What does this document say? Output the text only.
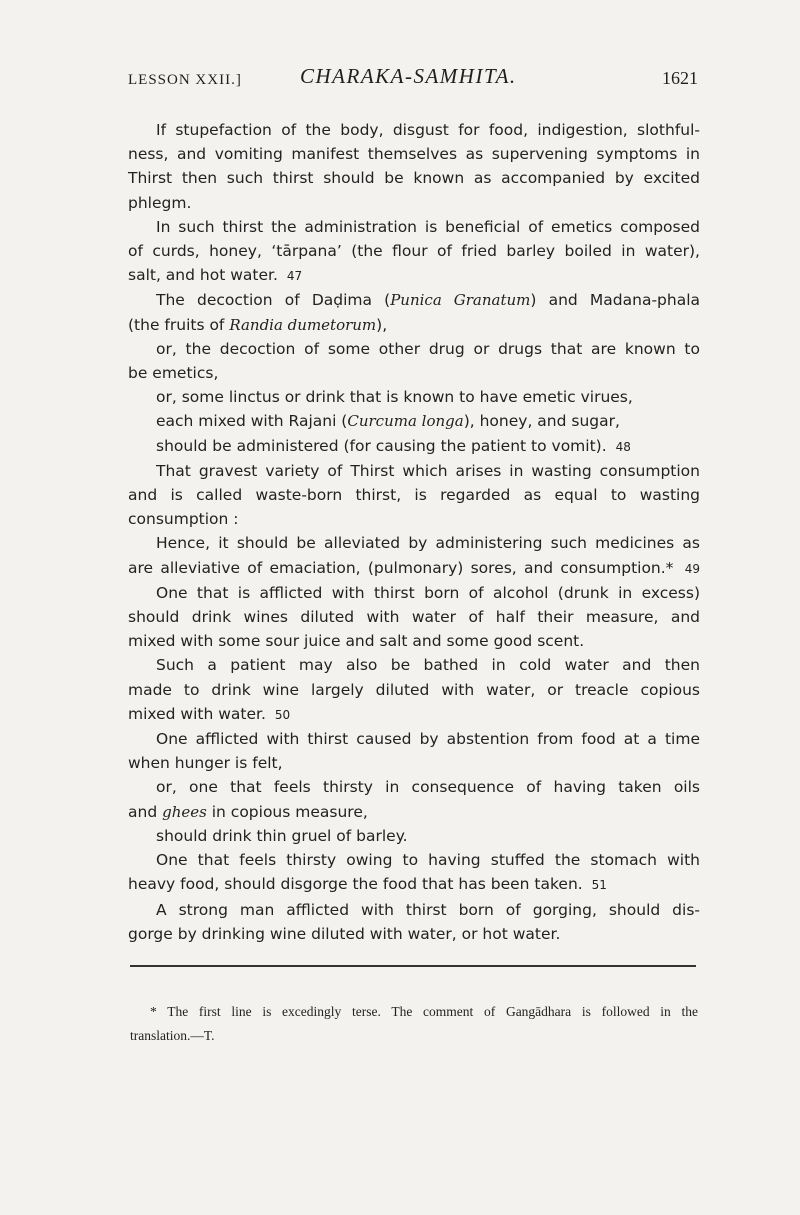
LESSON XXII.]	CHARAKA-SAMHITA.	1621
If stupefaction of the body, disgust for food, indigestion, slothful-
ness, and vomiting manifest themselves as supervening symptoms in
Thirst then such thirst should be known as accompanied by excited
phlegm.
In such thirst the administration is beneficial of emetics composed
of curds, honey, ‘tārpana’ (the flour of fried barley boiled in water),
salt, and hot water. 47
The decoction of Daḍima (Punica Granatum) and Madana-phala
(the fruits of Randia dumetorum),
or, the decoction of some other drug or drugs that are known to
be emetics,
or, some linctus or drink that is known to have emetic virues,
each mixed with Rajani (Curcuma longa), honey, and sugar,
should be administered (for causing the patient to vomit). 48
That gravest variety of Thirst which arises in wasting consumption
and is called waste-born thirst, is regarded as equal to wasting
consumption :
Hence, it should be alleviated by administering such medicines as
are alleviative of emaciation, (pulmonary) sores, and consumption.* 49
One that is afflicted with thirst born of alcohol (drunk in excess)
should drink wines diluted with water of half their measure, and
mixed with some sour juice and salt and some good scent.
Such a patient may also be bathed in cold water and then
made to drink wine largely diluted with water, or treacle copious
mixed with water. 50
One afflicted with thirst caused by abstention from food at a time
when hunger is felt,
or, one that feels thirsty in consequence of having taken oils
and ghees in copious measure,
should drink thin gruel of barley.
One that feels thirsty owing to having stuffed the stomach with
heavy food, should disgorge the food that has been taken. 51
A strong man afflicted with thirst born of gorging, should dis-
gorge by drinking wine diluted with water, or hot water.
* The first line is excedingly terse. The comment of Gangādhara is followed in the
translation.—T.
